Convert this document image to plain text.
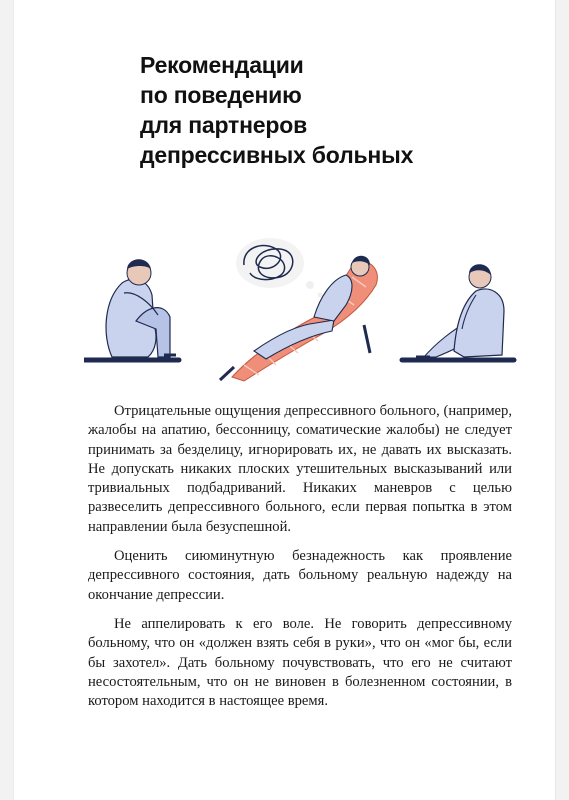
Рекомендации
по поведению
для партнеров
депрессивных больных

Отрицательные ощущения депрессивного больного, (например, жалобы на апатию, бессонницу, соматические жалобы) не следует принимать за безделицу, игнорировать их, не давать их высказать. Не допускать никаких плоских утешительных высказываний или тривиальных подбадриваний. Никаких маневров с целью развеселить депрессивного больного, если первая попытка в этом направлении была безуспешной.

Оценить сиюминутную безнадежность как проявление депрессивного состояния, дать больному реальную надежду на окончание депрессии.

Не аппелировать к его воле. Не говорить депрессивному больному, что он «должен взять себя в руки», что он «мог бы, если бы захотел». Дать больному почувствовать, что его не считают несостоятельным, что он не виновен в болезненном состоянии, в котором находится в настоящее время.
